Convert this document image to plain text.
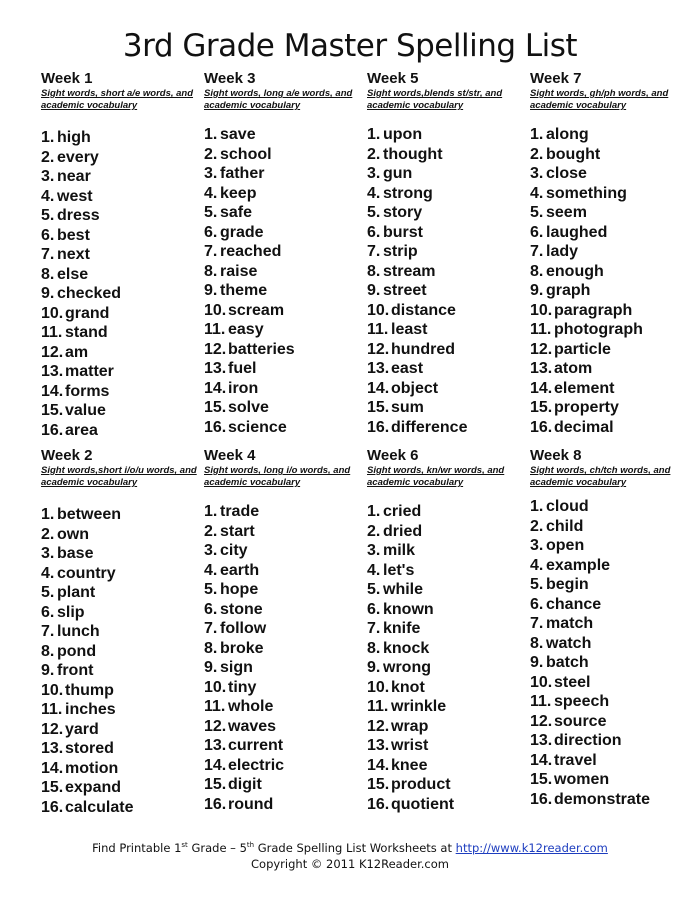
3rd Grade Master Spelling List
Week 1
Sight words, short a/e words, and academic vocabulary
1. high
2. every
3. near
4. west
5. dress
6. best
7. next
8. else
9. checked
10. grand
11. stand
12. am
13. matter
14. forms
15. value
16. area
Week 3
Sight words, long a/e words, and academic vocabulary
1. save
2. school
3. father
4. keep
5. safe
6. grade
7. reached
8. raise
9. theme
10. scream
11. easy
12. batteries
13. fuel
14. iron
15. solve
16. science
Week 5
Sight words,blends st/str, and academic vocabulary
1. upon
2. thought
3. gun
4. strong
5. story
6. burst
7. strip
8. stream
9. street
10. distance
11. least
12. hundred
13. east
14. object
15. sum
16. difference
Week 7
Sight words, gh/ph words, and academic vocabulary
1. along
2. bought
3. close
4. something
5. seem
6. laughed
7. lady
8. enough
9. graph
10. paragraph
11. photograph
12. particle
13. atom
14. element
15. property
16. decimal
Week 2
Sight words,short i/o/u words, and academic vocabulary
1. between
2. own
3. base
4. country
5. plant
6. slip
7. lunch
8. pond
9. front
10. thump
11. inches
12. yard
13. stored
14. motion
15. expand
16. calculate
Week 4
Sight words, long i/o words, and academic vocabulary
1. trade
2. start
3. city
4. earth
5. hope
6. stone
7. follow
8. broke
9. sign
10. tiny
11. whole
12. waves
13. current
14. electric
15. digit
16. round
Week 6
Sight words, kn/wr words, and academic vocabulary
1. cried
2. dried
3. milk
4. let's
5. while
6. known
7. knife
8. knock
9. wrong
10. knot
11. wrinkle
12. wrap
13. wrist
14. knee
15. product
16. quotient
Week 8
Sight words, ch/tch words, and academic vocabulary
1. cloud
2. child
3. open
4. example
5. begin
6. chance
7. match
8. watch
9. batch
10. steel
11. speech
12. source
13. direction
14. travel
15. women
16. demonstrate
Find Printable 1st Grade – 5th Grade Spelling List Worksheets at http://www.k12reader.com
Copyright © 2011 K12Reader.com
